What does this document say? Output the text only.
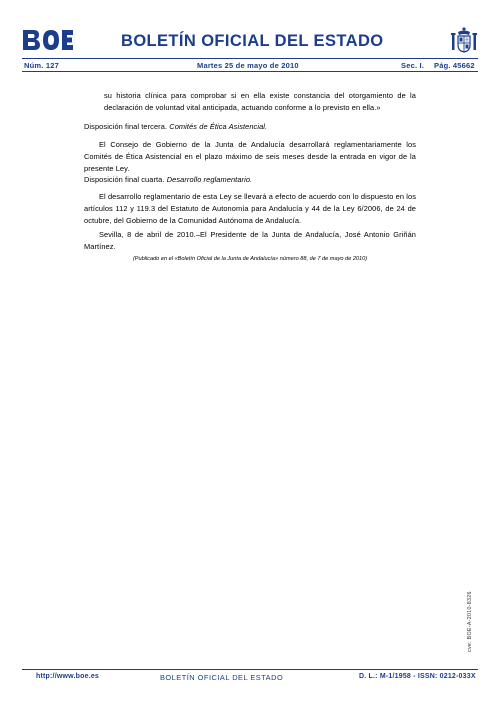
BOLETÍN OFICIAL DEL ESTADO
Núm. 127	Martes 25 de mayo de 2010	Sec. I. Pág. 45662
su historia clínica para comprobar si en ella existe constancia del otorgamiento de la declaración de voluntad vital anticipada, actuando conforme a lo previsto en ella.»
Disposición final tercera. Comités de Ética Asistencial.
El Consejo de Gobierno de la Junta de Andalucía desarrollará reglamentariamente los Comités de Ética Asistencial en el plazo máximo de seis meses desde la entrada en vigor de la presente Ley.
Disposición final cuarta. Desarrollo reglamentario.
El desarrollo reglamentario de esta Ley se llevará a efecto de acuerdo con lo dispuesto en los artículos 112 y 119.3 del Estatuto de Autonomía para Andalucía y 44 de la Ley 6/2006, de 24 de octubre, del Gobierno de la Comunidad Autónoma de Andalucía.
Sevilla, 8 de abril de 2010.–El Presidente de la Junta de Andalucía, José Antonio Griñán Martínez.
(Publicado en el «Boletín Oficial de la Junta de Andalucía» número 88, de 7 de mayo de 2010)
cve: BOE-A-2010-8326
http://www.boe.es	BOLETÍN OFICIAL DEL ESTADO	D. L.: M-1/1958 - ISSN: 0212-033X
